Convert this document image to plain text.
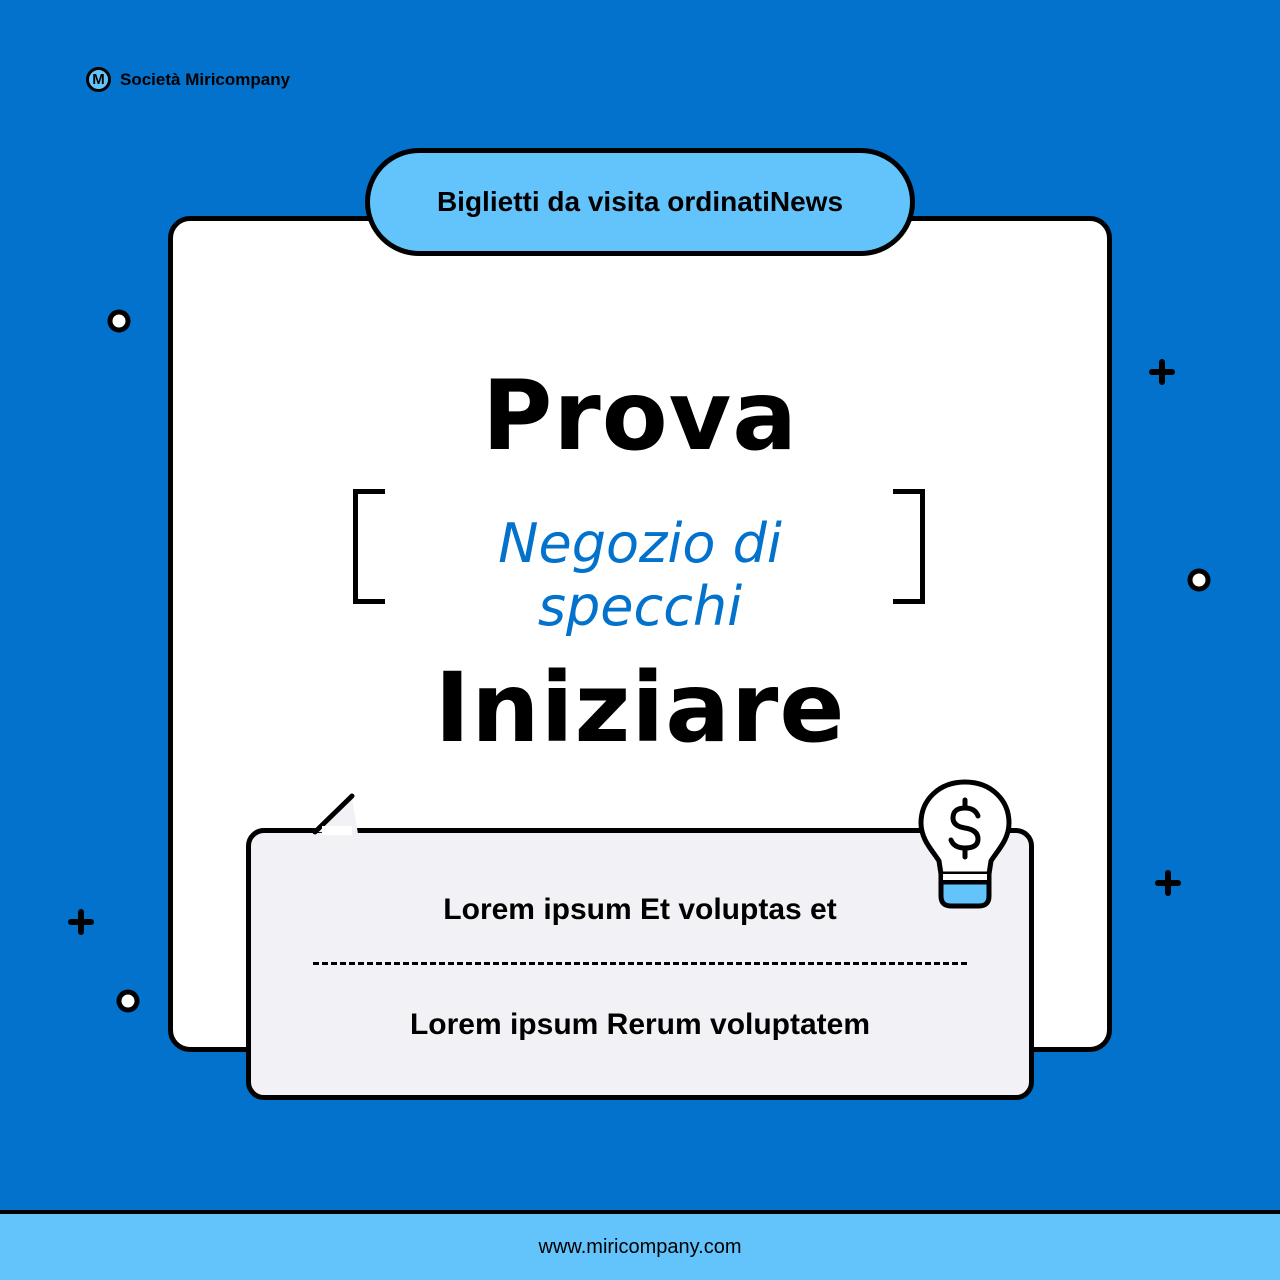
M Società Miricompany
Biglietti da visita ordinatiNews
Prova
Negozio di specchi
Iniziare
Lorem ipsum Et voluptas et
Lorem ipsum Rerum voluptatem
www.miricompany.com
